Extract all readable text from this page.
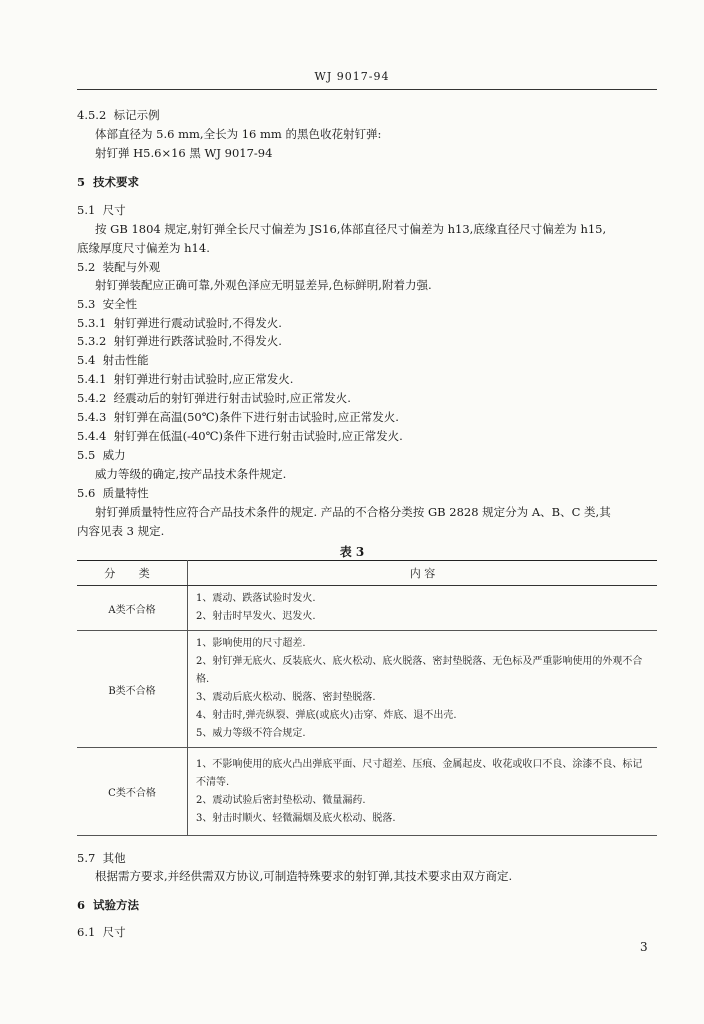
WJ 9017-94
4.5.2 标记示例
体部直径为 5.6 mm,全长为 16 mm 的黑色收花射钉弹:
射钉弹 H5.6×16 黑 WJ 9017-94
5 技术要求
5.1 尺寸
按 GB 1804 规定,射钉弹全长尺寸偏差为 JS16,体部直径尺寸偏差为 h13,底缘直径尺寸偏差为 h15,
底缘厚度尺寸偏差为 h14.
5.2 装配与外观
射钉弹装配应正确可靠,外观色泽应无明显差异,色标鲜明,附着力强.
5.3 安全性
5.3.1 射钉弹进行震动试验时,不得发火.
5.3.2 射钉弹进行跌落试验时,不得发火.
5.4 射击性能
5.4.1 射钉弹进行射击试验时,应正常发火.
5.4.2 经震动后的射钉弹进行射击试验时,应正常发火.
5.4.3 射钉弹在高温(50℃)条件下进行射击试验时,应正常发火.
5.4.4 射钉弹在低温(-40℃)条件下进行射击试验时,应正常发火.
5.5 威力
威力等级的确定,按产品技术条件规定.
5.6 质量特性
射钉弹质量特性应符合产品技术条件的规定. 产品的不合格分类按 GB 2828 规定分为 A、B、C 类,其
内容见表 3 规定.
表 3
分 类	内 容
A类不合格	1、震动、跌落试验时发火.
2、射击时早发火、迟发火.

B类不合格	1、影响使用的尺寸超差.
2、射钉弹无底火、反装底火、底火松动、底火脱落、密封垫脱落、无色标及严重影响使用的外观不合格.
3、震动后底火松动、脱落、密封垫脱落.
4、射击时,弹壳纵裂、弹底(或底火)击穿、炸底、退不出壳.
5、威力等级不符合规定.

C类不合格	1、不影响使用的底火凸出弹底平面、尺寸超差、压痕、金属起皮、收花或收口不良、涂漆不良、标记不清等.
2、震动试验后密封垫松动、微量漏药.
3、射击时顺火、轻微漏烟及底火松动、脱落.
5.7 其他
根据需方要求,并经供需双方协议,可制造特殊要求的射钉弹,其技术要求由双方商定.
6 试验方法
6.1 尺寸
3
